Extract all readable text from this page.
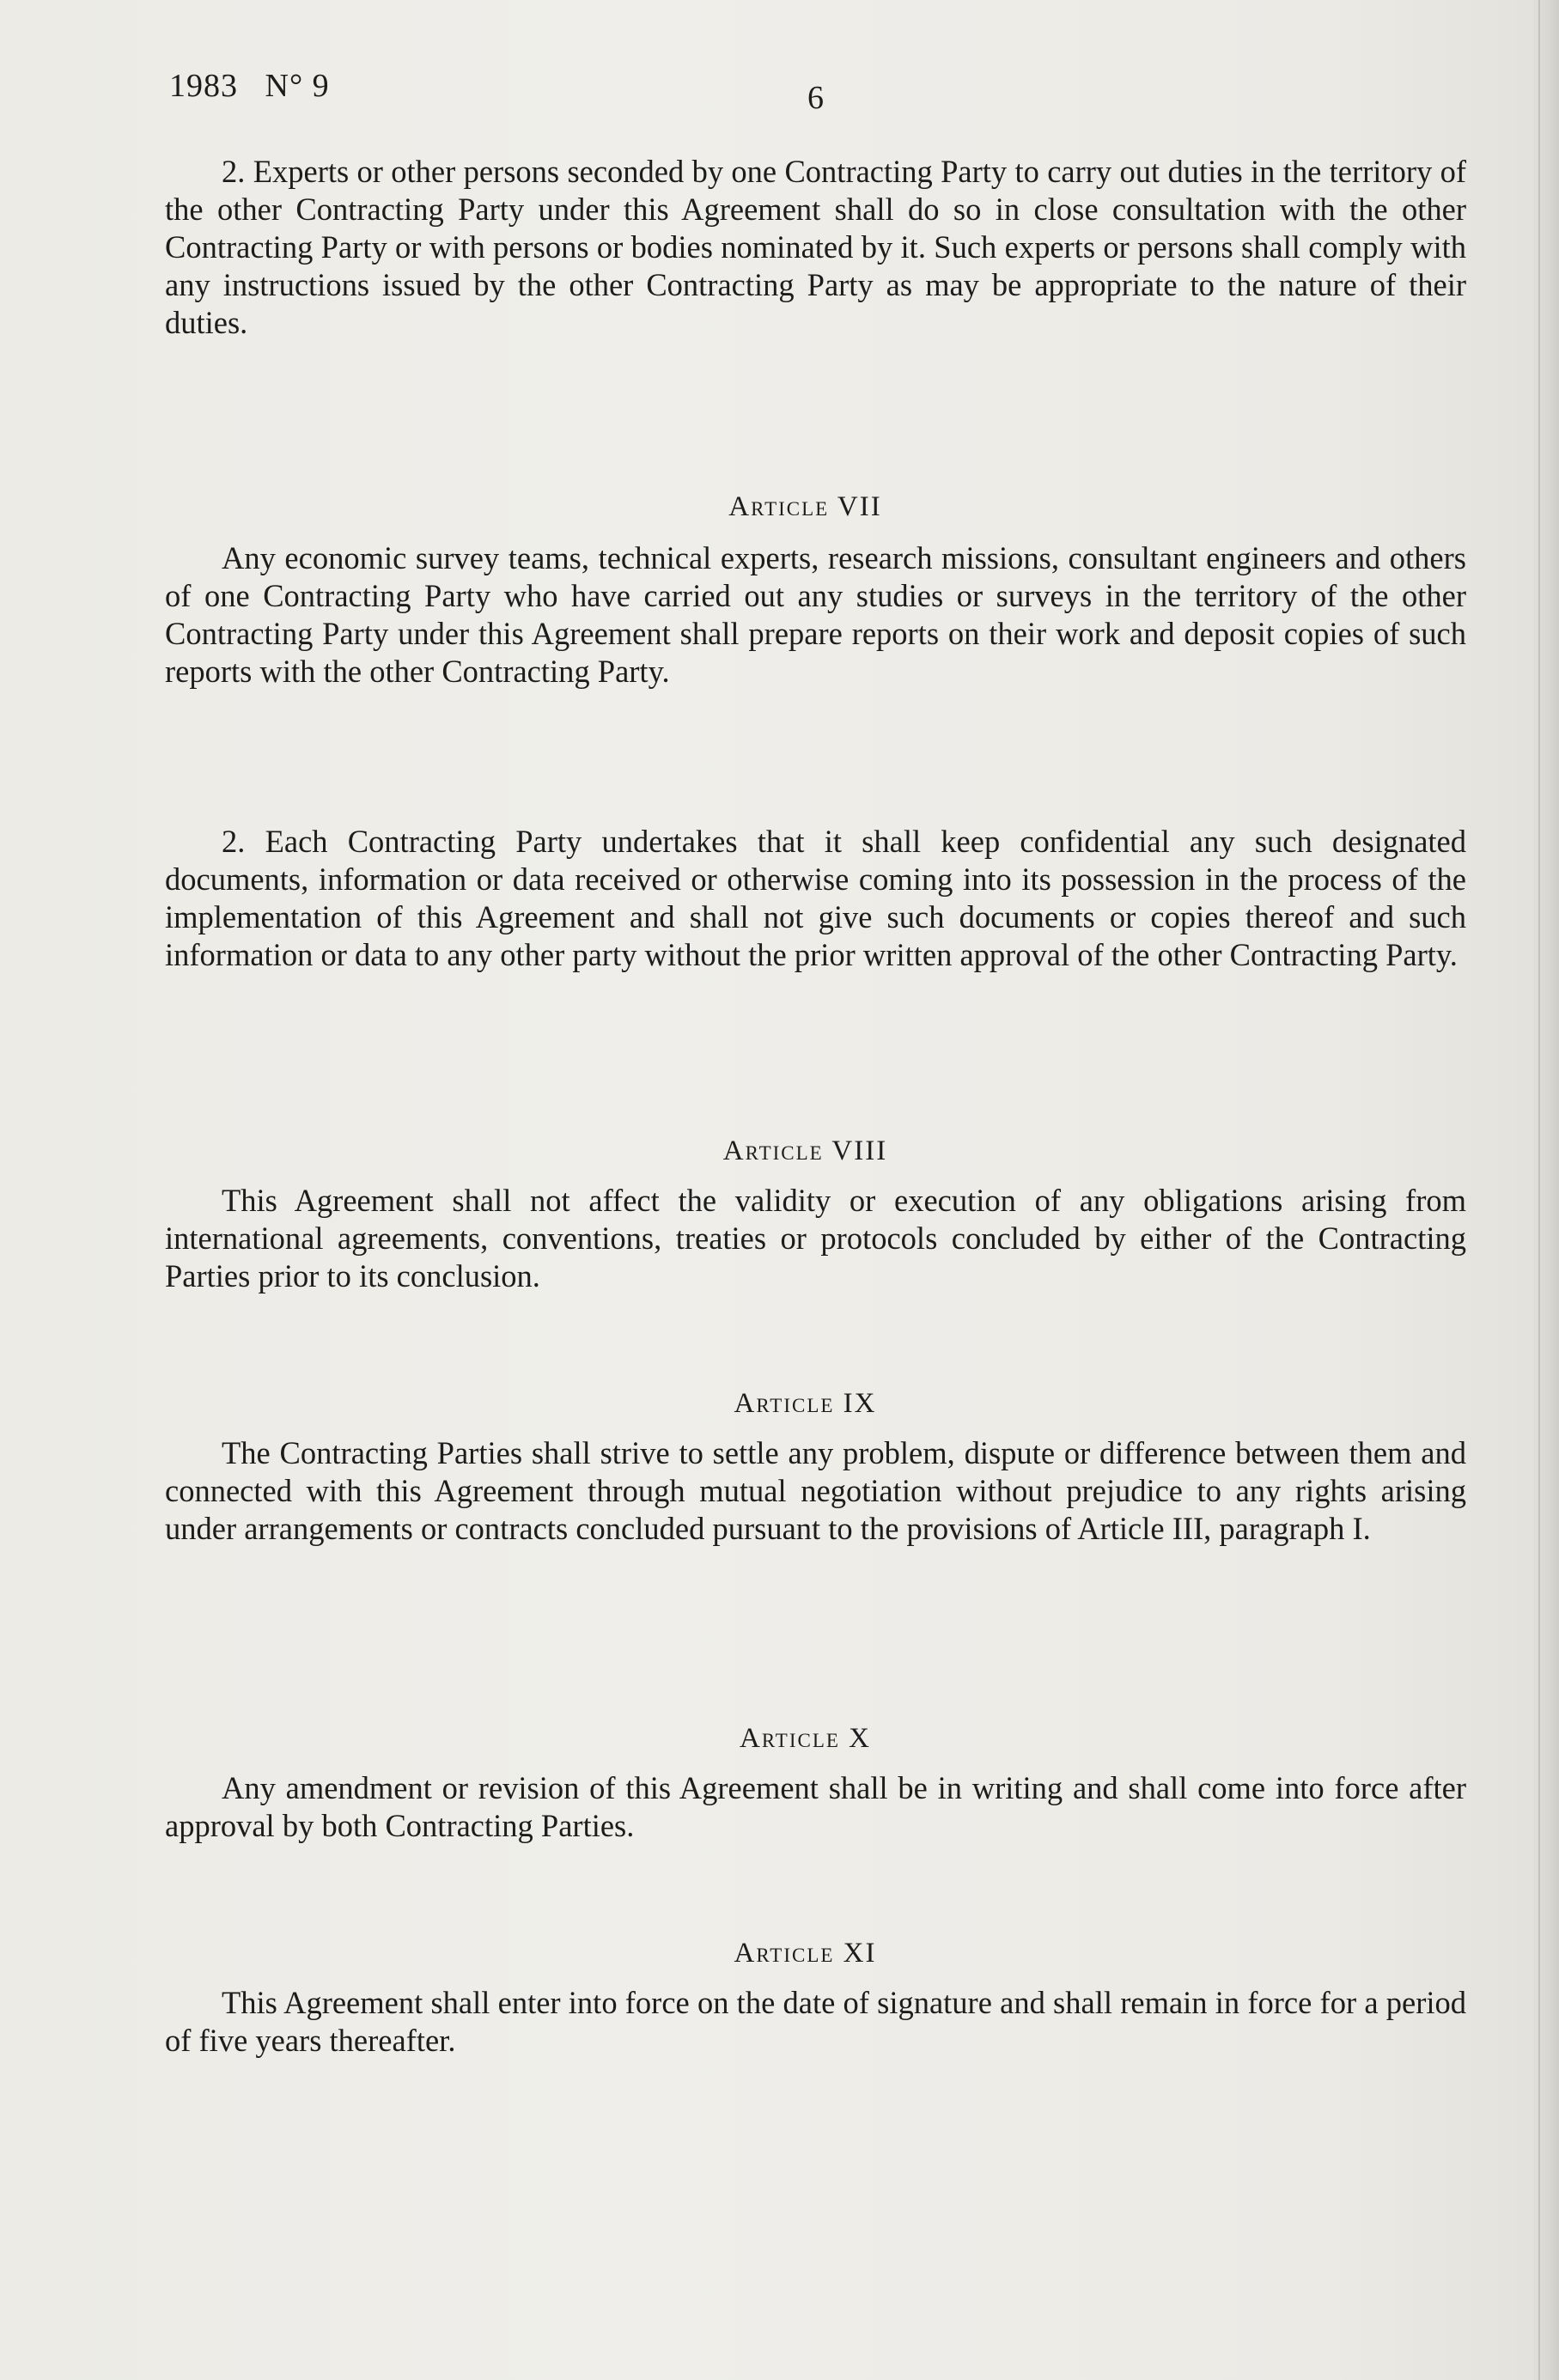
1983   N° 9	6

2. Experts or other persons seconded by one Contracting Party to carry out duties in the territory of the other Contracting Party under this Agreement shall do so in close consultation with the other Contracting Party or with persons or bodies nominated by it. Such experts or persons shall comply with any instructions issued by the other Contracting Party as may be appropriate to the nature of their duties.

Article VII

Any economic survey teams, technical experts, research missions, consultant engineers and others of one Contracting Party who have carried out any studies or surveys in the territory of the other Contracting Party under this Agreement shall prepare reports on their work and deposit copies of such reports with the other Contracting Party.

2. Each Contracting Party undertakes that it shall keep confidential any such designated documents, information or data received or otherwise coming into its possession in the process of the implementation of this Agreement and shall not give such documents or copies thereof and such information or data to any other party without the prior written approval of the other Contracting Party.

Article VIII

This Agreement shall not affect the validity or execution of any obligations arising from international agreements, conventions, treaties or protocols concluded by either of the Contracting Parties prior to its conclusion.

Article IX

The Contracting Parties shall strive to settle any problem, dispute or difference between them and connected with this Agreement through mutual negotiation without prejudice to any rights arising under arrangements or contracts concluded pursuant to the provisions of Article III, paragraph I.

Article X

Any amendment or revision of this Agreement shall be in writing and shall come into force after approval by both Contracting Parties.

Article XI

This Agreement shall enter into force on the date of signature and shall remain in force for a period of five years thereafter.
